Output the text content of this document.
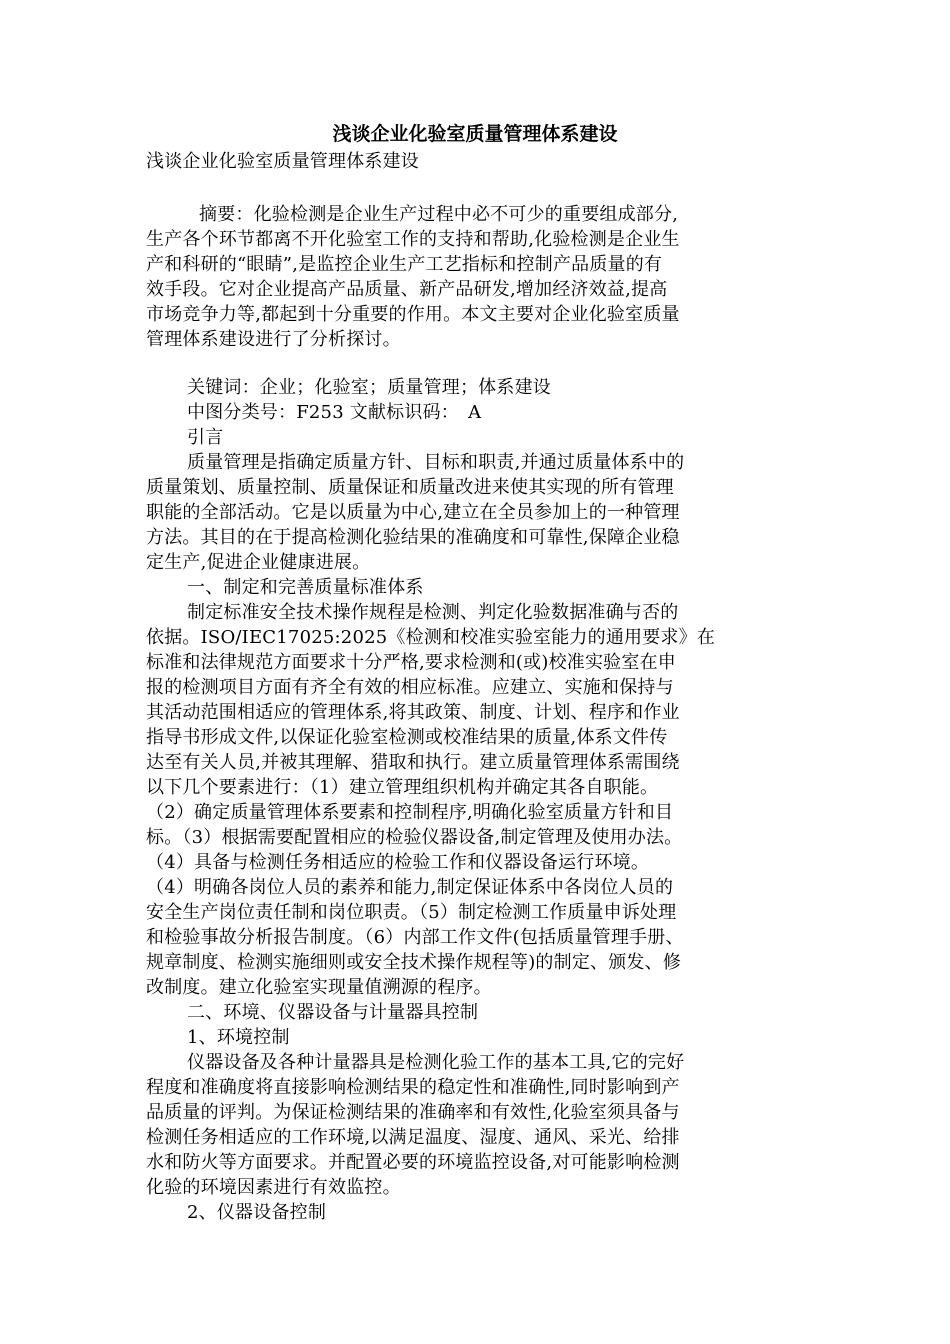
浅谈企业化验室质量管理体系建设

浅谈企业化验室质量管理体系建设

摘要：化验检测是企业生产过程中必不可少的重要组成部分,

生产各个环节都离不开化验室工作的支持和帮助,化验检测是企业生

产和科研的“眼睛”,是监控企业生产工艺指标和控制产品质量的有

效手段。它对企业提高产品质量、新产品研发,增加经济效益,提高

市场竞争力等,都起到十分重要的作用。本文主要对企业化验室质量

管理体系建设进行了分析探讨。

关键词：企业；化验室；质量管理；体系建设

中图分类号：F253 文献标识码：　A

引言

质量管理是指确定质量方针、目标和职责,并通过质量体系中的

质量策划、质量控制、质量保证和质量改进来使其实现的所有管理

职能的全部活动。它是以质量为中心,建立在全员参加上的一种管理

方法。其目的在于提高检测化验结果的准确度和可靠性,保障企业稳

定生产,促进企业健康进展。

一、制定和完善质量标准体系

制定标准安全技术操作规程是检测、判定化验数据准确与否的

依据。ISO/IEC17025:2025《检测和校准实验室能力的通用要求》在

标准和法律规范方面要求十分严格,要求检测和(或)校准实验室在申

报的检测项目方面有齐全有效的相应标准。应建立、实施和保持与

其活动范围相适应的管理体系,将其政策、制度、计划、程序和作业

指导书形成文件,以保证化验室检测或校准结果的质量,体系文件传

达至有关人员,并被其理解、猎取和执行。建立质量管理体系需围绕

以下几个要素进行：（1）建立管理组织机构并确定其各自职能。

（2）确定质量管理体系要素和控制程序,明确化验室质量方针和目

标。（3）根据需要配置相应的检验仪器设备,制定管理及使用办法。

（4）具备与检测任务相适应的检验工作和仪器设备运行环境。

（4）明确各岗位人员的素养和能力,制定保证体系中各岗位人员的

安全生产岗位责任制和岗位职责。（5）制定检测工作质量申诉处理

和检验事故分析报告制度。（6）内部工作文件(包括质量管理手册、

规章制度、检测实施细则或安全技术操作规程等)的制定、颁发、修

改制度。建立化验室实现量值溯源的程序。

二、环境、仪器设备与计量器具控制

1、环境控制

仪器设备及各种计量器具是检测化验工作的基本工具,它的完好

程度和准确度将直接影响检测结果的稳定性和准确性,同时影响到产

品质量的评判。为保证检测结果的准确率和有效性,化验室须具备与

检测任务相适应的工作环境,以满足温度、湿度、通风、采光、给排

水和防火等方面要求。并配置必要的环境监控设备,对可能影响检测

化验的环境因素进行有效监控。

2、仪器设备控制
